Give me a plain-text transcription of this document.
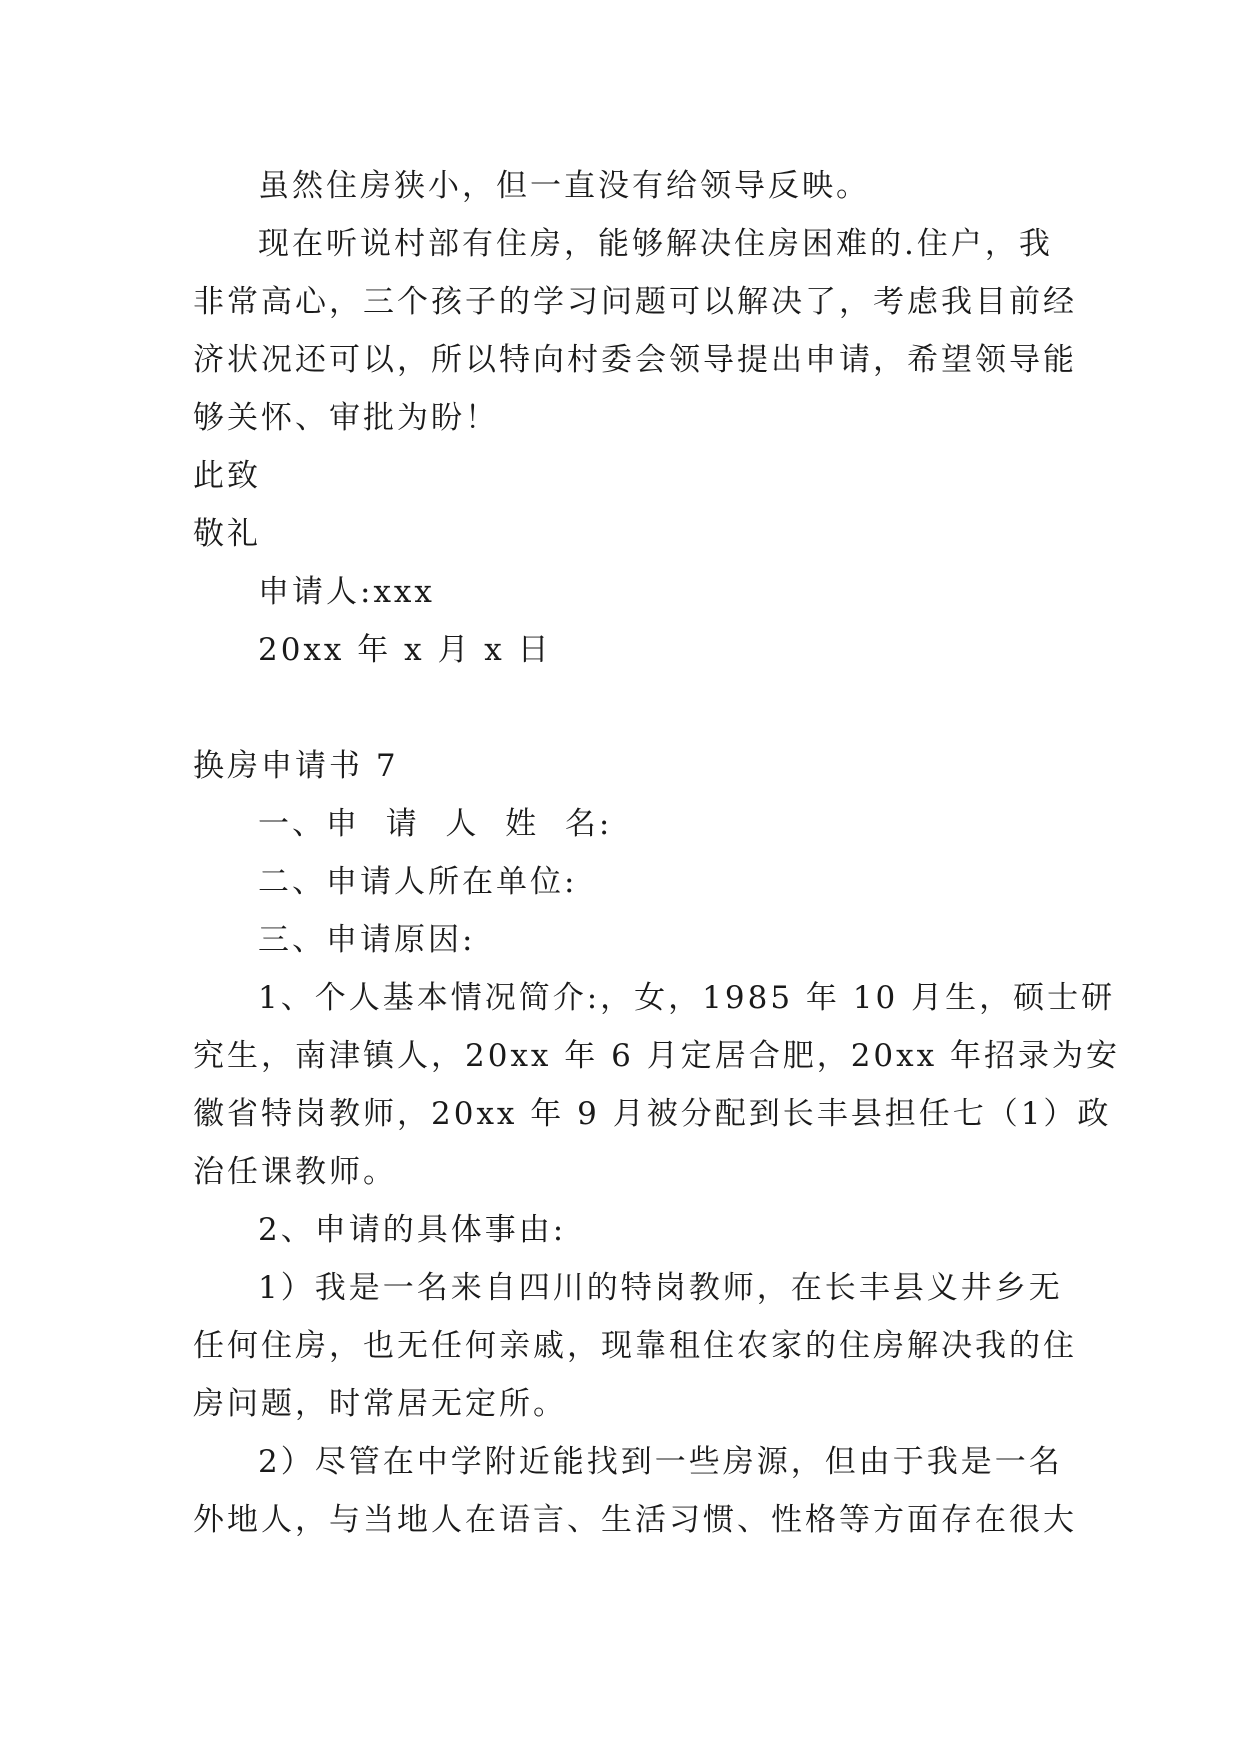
虽然住房狭小，但一直没有给领导反映。
现在听说村部有住房，能够解决住房困难的.住户，我
非常高心，三个孩子的学习问题可以解决了，考虑我目前经
济状况还可以，所以特向村委会领导提出申请，希望领导能
够关怀、审批为盼！
此致
敬礼
申请人:xxx
20xx 年 x 月 x 日
换房申请书 7
一、申  请  人  姓  名:
二、申请人所在单位:
三、申请原因:
1、个人基本情况简介:，女，1985 年 10 月生，硕士研
究生，南津镇人，20xx 年 6 月定居合肥，20xx 年招录为安
徽省特岗教师，20xx 年 9 月被分配到长丰县担任七（1）政
治任课教师。
2、申请的具体事由:
1）我是一名来自四川的特岗教师，在长丰县义井乡无
任何住房，也无任何亲戚，现靠租住农家的住房解决我的住
房问题，时常居无定所。
2）尽管在中学附近能找到一些房源，但由于我是一名
外地人，与当地人在语言、生活习惯、性格等方面存在很大
